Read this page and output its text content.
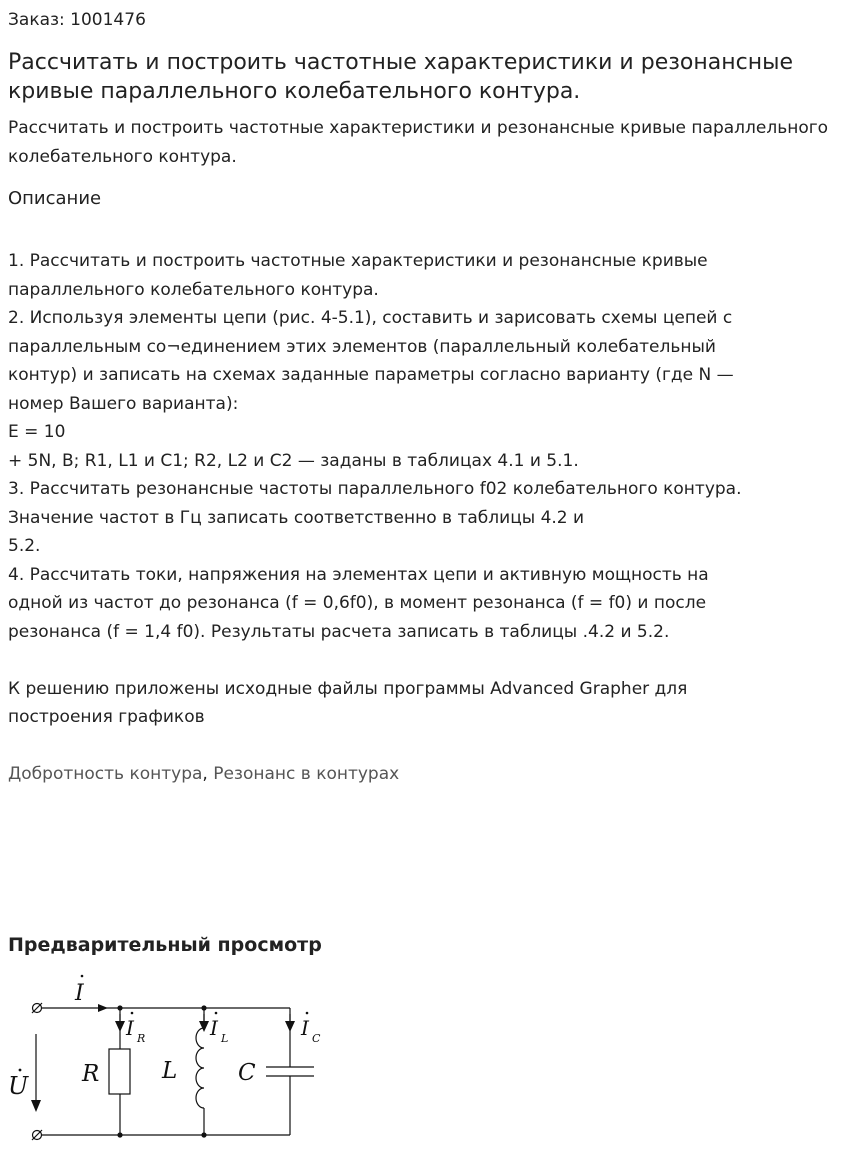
Заказ: 1001476
Рассчитать и построить частотные характеристики и резонансные кривые параллельного колебательного контура.

Рассчитать и построить частотные характеристики и резонансные кривые параллельного колебательного контура.

Описание
1. Рассчитать и построить частотные характеристики и резонансные кривые
параллельного колебательного контура.
2. Используя элементы цепи (рис. 4-5.1), составить и зарисовать схемы цепей с
параллельным со¬единением этих элементов (параллельный колебательный
контур) и записать на схемах заданные параметры согласно варианту (где N —
номер Вашего варианта):
Е = 10
+ 5N, В; R1, L1 и С1; R2, L2 и С2 — заданы в таблицах 4.1 и 5.1.
3. Рассчитать резонансные частоты параллельного f02 колебательного контура.
Значение частот в Гц записать соответственно в таблицы 4.2 и
5.2.
4. Рассчитать токи, напряжения на элементах цепи и активную мощность на
одной из частот до резонанса (f = 0,6f0), в момент резонанса (f = f0) и после
резонанса (f = 1,4 f0). Результаты расчета записать в таблицы .4.2 и 5.2.
К решению приложены исходные файлы программы Advanced Grapher для
построения графиков
Добротность контура, Резонанс в контурах
Предварительный просмотр
I
I R	I L	I C
R	L	C
U
